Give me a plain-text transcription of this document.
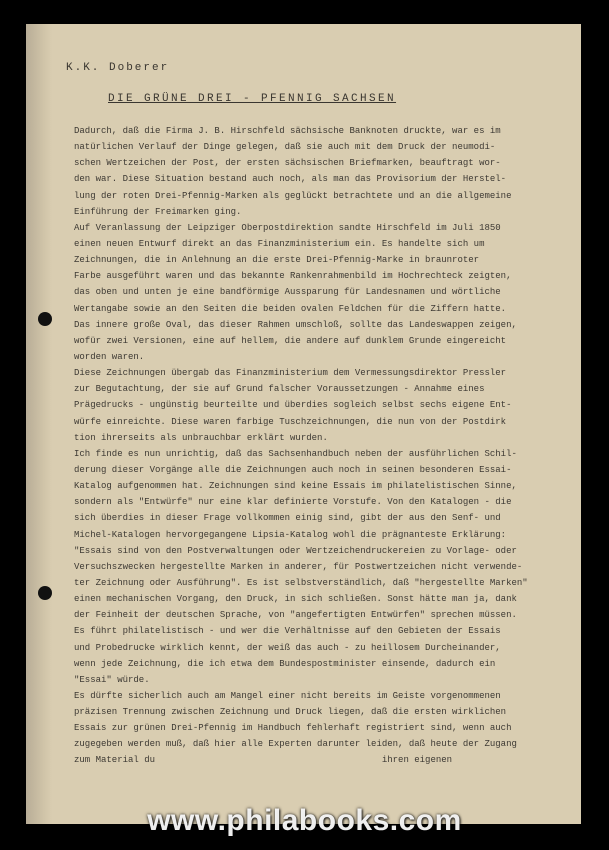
K.K. Doberer
DIE GRÜNE DREI - PFENNIG SACHSEN
Dadurch, daß die Firma J. B. Hirschfeld sächsische Banknoten druckte, war es im
natürlichen Verlauf der Dinge gelegen, daß sie auch mit dem Druck der neumodi-
schen Wertzeichen der Post, der ersten sächsischen Briefmarken, beauftragt wor-
den war. Diese Situation bestand auch noch, als man das Provisorium der Herstel-
lung der roten Drei-Pfennig-Marken als geglückt betrachtete und an die allgemeine
Einführung der Freimarken ging.
Auf Veranlassung der Leipziger Oberpostdirektion sandte Hirschfeld im Juli 1850
einen neuen Entwurf direkt an das Finanzministerium ein. Es handelte sich um
Zeichnungen, die in Anlehnung an die erste Drei-Pfennig-Marke in braunroter
Farbe ausgeführt waren und das bekannte Rankenrahmenbild im Hochrechteck zeigten,
das oben und unten je eine bandförmige Aussparung für Landesnamen und wörtliche
Wertangabe sowie an den Seiten die beiden ovalen Feldchen für die Ziffern hatte.
Das innere große Oval, das dieser Rahmen umschloß, sollte das Landeswappen zeigen,
wofür zwei Versionen, eine auf hellem, die andere auf dunklem Grunde eingereicht
worden waren.
Diese Zeichnungen übergab das Finanzministerium dem Vermessungsdirektor Pressler
zur Begutachtung, der sie auf Grund falscher Voraussetzungen - Annahme eines
Prägedrucks - ungünstig beurteilte und überdies sogleich selbst sechs eigene Ent-
würfe einreichte. Diese waren farbige Tuschzeichnungen, die nun von der Postdirk
tion ihrerseits als unbrauchbar erklärt wurden.
Ich finde es nun unrichtig, daß das Sachsenhandbuch neben der ausführlichen Schil-
derung dieser Vorgänge alle die Zeichnungen auch noch in seinen besonderen Essai-
Katalog aufgenommen hat. Zeichnungen sind keine Essais im philatelistischen Sinne,
sondern als "Entwürfe" nur eine klar definierte Vorstufe. Von den Katalogen - die
sich überdies in dieser Frage vollkommen einig sind, gibt der aus den Senf- und
Michel-Katalogen hervorgegangene Lipsia-Katalog wohl die prägnanteste Erklärung:
"Essais sind von den Postverwaltungen oder Wertzeichendruckereien zu Vorlage- oder
Versuchszwecken hergestellte Marken in anderer, für Postwertzeichen nicht verwende-
ter Zeichnung oder Ausführung". Es ist selbstverständlich, daß "hergestellte Marken"
einen mechanischen Vorgang, den Druck, in sich schließen. Sonst hätte man ja, dank
der Feinheit der deutschen Sprache, von "angefertigten Entwürfen" sprechen müssen.
Es führt philatelistisch - und wer die Verhältnisse auf den Gebieten der Essais
und Probedrucke wirklich kennt, der weiß das auch - zu heillosem Durcheinander,
wenn jede Zeichnung, die ich etwa dem Bundespostminister einsende, dadurch ein
"Essai" würde.
Es dürfte sicherlich auch am Mangel einer nicht bereits im Geiste vorgenommenen
präzisen Trennung zwischen Zeichnung und Druck liegen, daß die ersten wirklichen
Essais zur grünen Drei-Pfennig im Handbuch fehlerhaft registriert sind, wenn auch
zugegeben werden muß, daß hier alle Experten darunter leiden, daß heute der Zugang
zum Material du                                          ihren eigenen
www.philabooks.com
